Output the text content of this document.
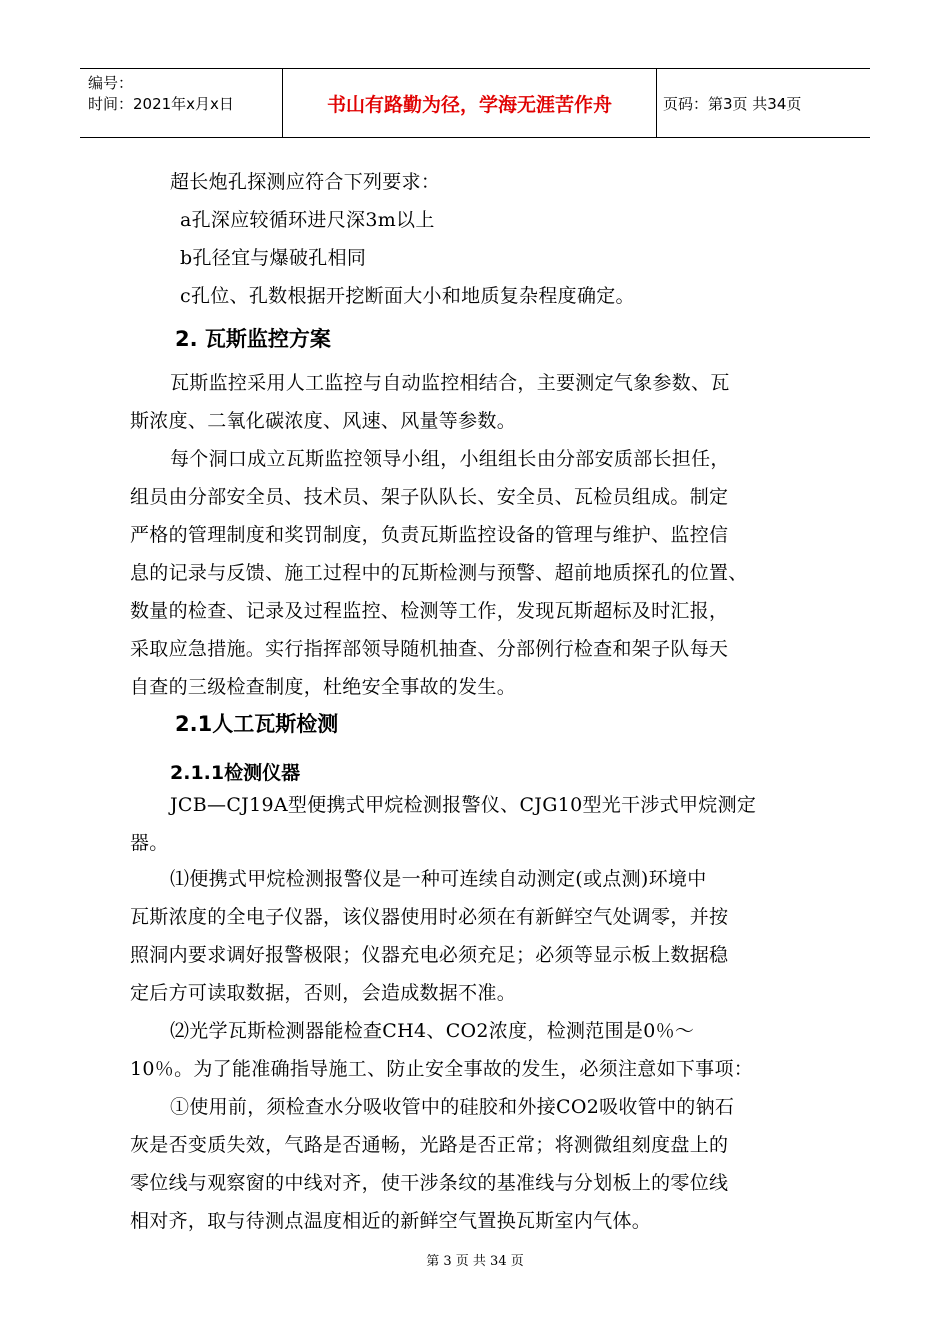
编号：
时间：2021年x月x日	书山有路勤为径，学海无涯苦作舟	页码：第3页 共34页
超长炮孔探测应符合下列要求：
a孔深应较循环进尺深3m以上
b孔径宜与爆破孔相同
c孔位、孔数根据开挖断面大小和地质复杂程度确定。
2. 瓦斯监控方案
瓦斯监控采用人工监控与自动监控相结合，主要测定气象参数、瓦
斯浓度、二氧化碳浓度、风速、风量等参数。
每个洞口成立瓦斯监控领导小组，小组组长由分部安质部长担任，
组员由分部安全员、技术员、架子队队长、安全员、瓦检员组成。制定
严格的管理制度和奖罚制度，负责瓦斯监控设备的管理与维护、监控信
息的记录与反馈、施工过程中的瓦斯检测与预警、超前地质探孔的位置、
数量的检查、记录及过程监控、检测等工作，发现瓦斯超标及时汇报，
采取应急措施。实行指挥部领导随机抽查、分部例行检查和架子队每天
自查的三级检查制度，杜绝安全事故的发生。
2.1人工瓦斯检测
2.1.1检测仪器
JCB—CJ19A型便携式甲烷检测报警仪、CJG10型光干涉式甲烷测定
器。
⑴便携式甲烷检测报警仪是一种可连续自动测定(或点测)环境中
瓦斯浓度的全电子仪器，该仪器使用时必须在有新鲜空气处调零，并按
照洞内要求调好报警极限；仪器充电必须充足；必须等显示板上数据稳
定后方可读取数据，否则，会造成数据不准。
⑵光学瓦斯检测器能检查CH4、CO2浓度，检测范围是0％～
10％。为了能准确指导施工、防止安全事故的发生，必须注意如下事项：
①使用前，须检查水分吸收管中的硅胶和外接CO2吸收管中的钠石
灰是否变质失效，气路是否通畅，光路是否正常；将测微组刻度盘上的
零位线与观察窗的中线对齐，使干涉条纹的基准线与分划板上的零位线
相对齐，取与待测点温度相近的新鲜空气置换瓦斯室内气体。
第 3 页 共 34 页
